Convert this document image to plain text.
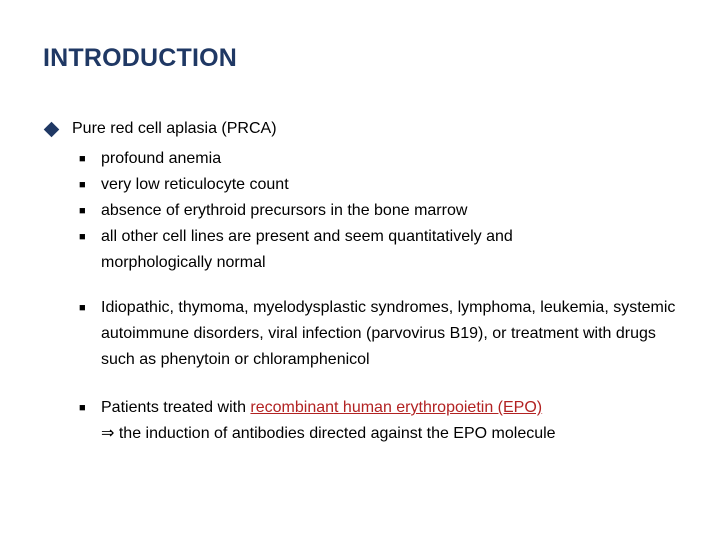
INTRODUCTION
Pure red cell aplasia (PRCA)
■ profound anemia
■ very low reticulocyte count
■ absence of erythroid precursors in the bone marrow
■ all other cell lines are present and seem quantitatively and morphologically normal
■ Idiopathic, thymoma, myelodysplastic syndromes, lymphoma, leukemia, systemic autoimmune disorders, viral infection (parvovirus B19), or treatment with drugs such as phenytoin or chloramphenicol
■ Patients treated with recombinant human erythropoietin (EPO)
⇒ the induction of antibodies directed against the EPO molecule
